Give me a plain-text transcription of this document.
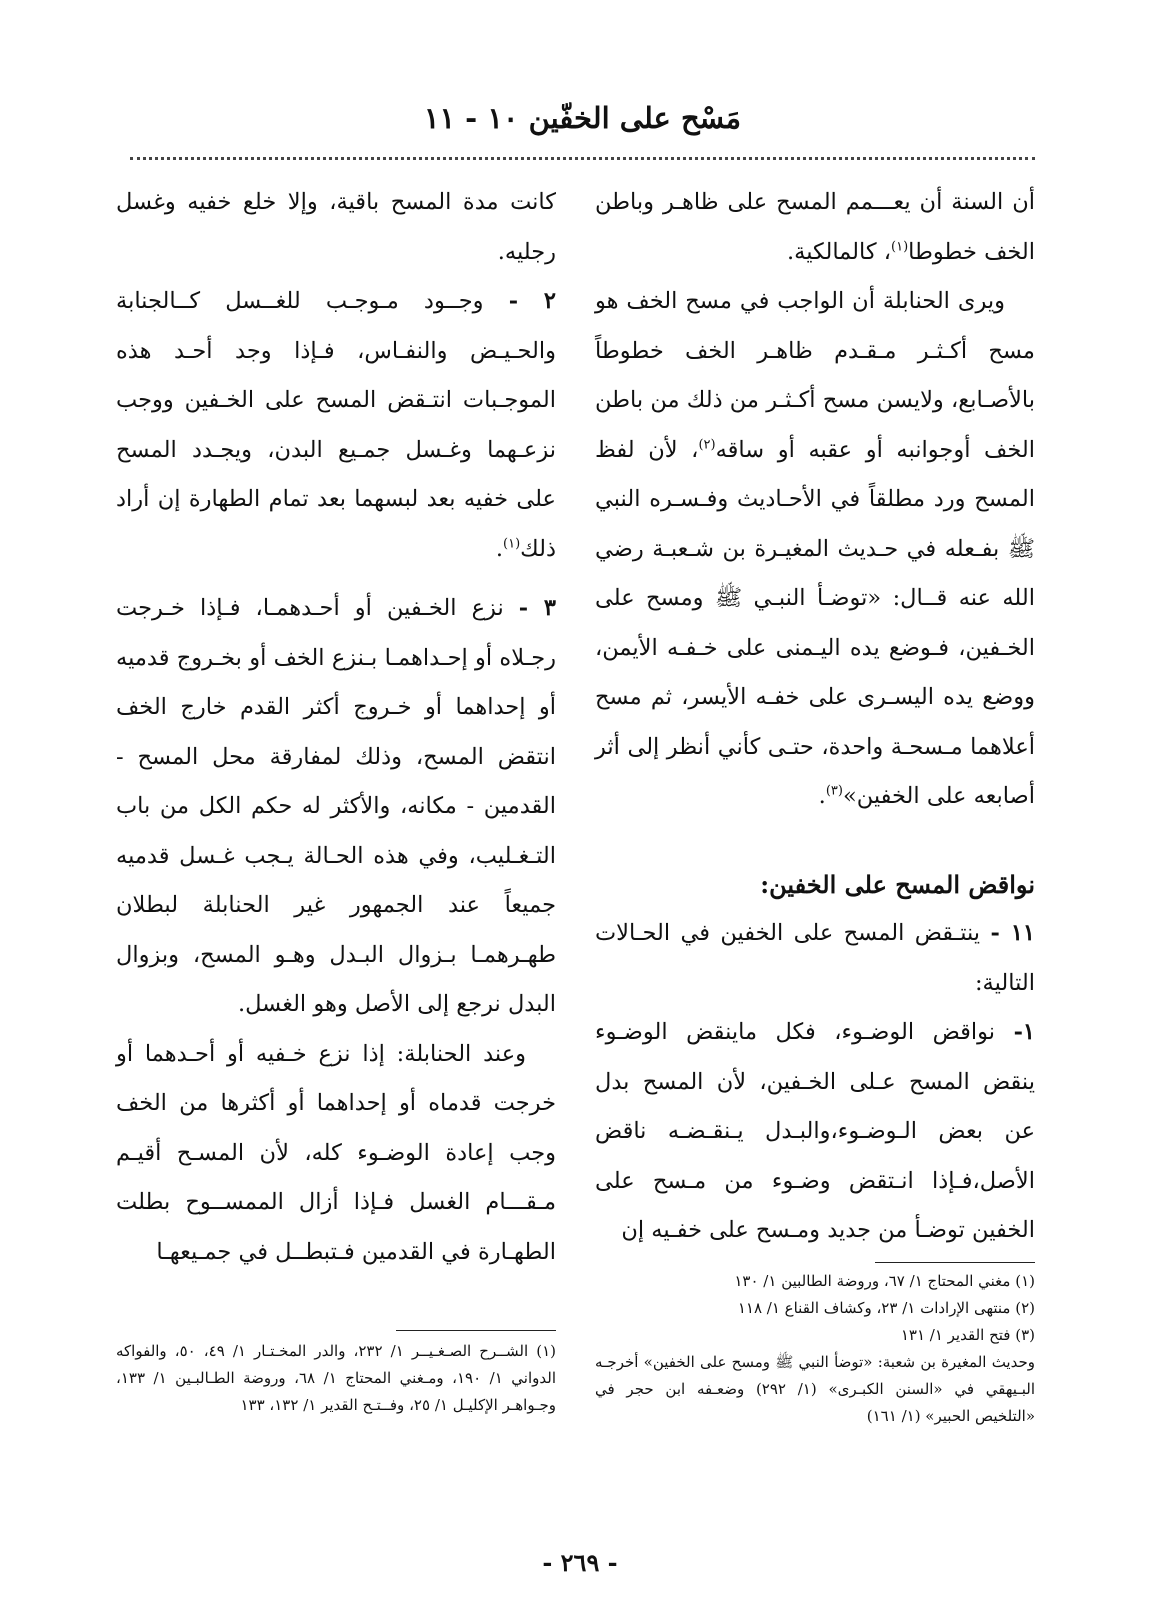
مَسْح على الخفّين ١٠ - ١١

أن السنة أن يعـــمم المسح على ظاهـر وباطن الخف خطوطا$^{(١)}$، كالمالكية.

ويرى الحنابلة أن الواجب في مسح الخف هو مسح أكـثـر مـقـدم ظاهـر الخف خطوطاً بالأصـابع، ولايسن مسح أكـثـر من ذلك من باطن الخف أوجوانبه أو عقبه أو ساقه$^{(٢)}$، لأن لفظ المسح ورد مطلقاً في الأحـاديث وفـسـره النبي ﷺ بفـعله في حـديث المغيـرة بن شـعبـة رضي الله عنه قــال: «توضـأ النبـي ﷺ ومسح على الخـفين، فـوضع يده اليـمنى على خـفـه الأيمن، ووضع يده اليسـرى على خفـه الأيسر، ثم مسح أعلاهما مـسحـة واحدة، حتـى كأني أنظر إلى أثر أصابعه على الخفين»$^{(٣)}$.

نواقض المسح على الخفين:

١١ - ينتـقض المسح على الخفين في الحـالات التالية:

١- نواقض الوضـوء، فكل ماينقض الوضـوء ينقض المسح عـلى الخـفين، لأن المسح بدل عن بعض الـوضـوء،والبـدل يـنقـضـه ناقض الأصل،فـإذا انـتقض وضـوء من مـسح على الخفين توضـأ من جديد ومـسح على خفـيه إن

كانت مدة المسح باقية، وإلا خلع خفيه وغسل رجليه.

٢ - وجــود مـوجـب للغــسل كــالجنابة والحـيـض والنفـاس، فـإذا وجد أحـد هذه الموجـبات انتـقض المسح على الخـفين ووجب نزعـهما وغـسل جمـيع البدن، ويجـدد المسح على خفيه بعد لبسهما بعد تمام الطهارة إن أراد ذلك$^{(١)}$.

٣ - نزع الخـفين أو أحـدهمـا، فـإذا خـرجت رجـلاه أو إحـداهمـا بـنزع الخف أو بخـروج قدميه أو إحداهما أو خـروج أكثر القدم خارج الخف انتقض المسح، وذلك لمفارقة محل المسح - القدمين - مكانه، والأكثر له حكم الكل من باب التـغـليب، وفي هذه الحـالة يـجب غـسل قدميه جميعاً عند الجمهور غير الحنابلة لبطلان طهـرهمـا بـزوال البـدل وهـو المسح، وبزوال البدل نرجع إلى الأصل وهو الغسل.

وعند الحنابلة: إذا نزع خـفيه أو أحـدهما أو خرجت قدماه أو إحداهما أو أكثرها من الخف وجب إعادة الوضـوء كله، لأن المسـح أقيـم مـقـــام الغسل فـإذا أزال الممســوح بطلت الطهـارة في القدمين فـتبطــل في جمـيعهـا

(١) مغني المحتاج ١/ ٦٧، وروضة الطالبين ١/ ١٣٠

(٢) منتهى الإرادات ١/ ٢٣، وكشاف القناع ١/ ١١٨

(٣) فتح القدير ١/ ١٣١

وحديث المغيرة بن شعبة: «توضأ النبي ﷺ ومسح على الخفين» أخرجـه البـيهقي في «السنن الكبـرى» (١/ ٢٩٢) وضعـفه ابن حجر في «التلخيص الحبير» (١/ ١٦١)

(١) الشــرح الصـغـيــر ١/ ٢٣٢، والدر المخـتـار ١/ ٤٩، ٥٠، والفواكه الدواني ١/ ١٩٠، ومـغني المحتاج ١/ ٦٨، وروضة الطـالبـين ١/ ١٣٣، وجـواهـر الإكليـل ١/ ٢٥، وفــتـح القدير ١/ ١٣٢، ١٣٣

- ٢٦٩ -
